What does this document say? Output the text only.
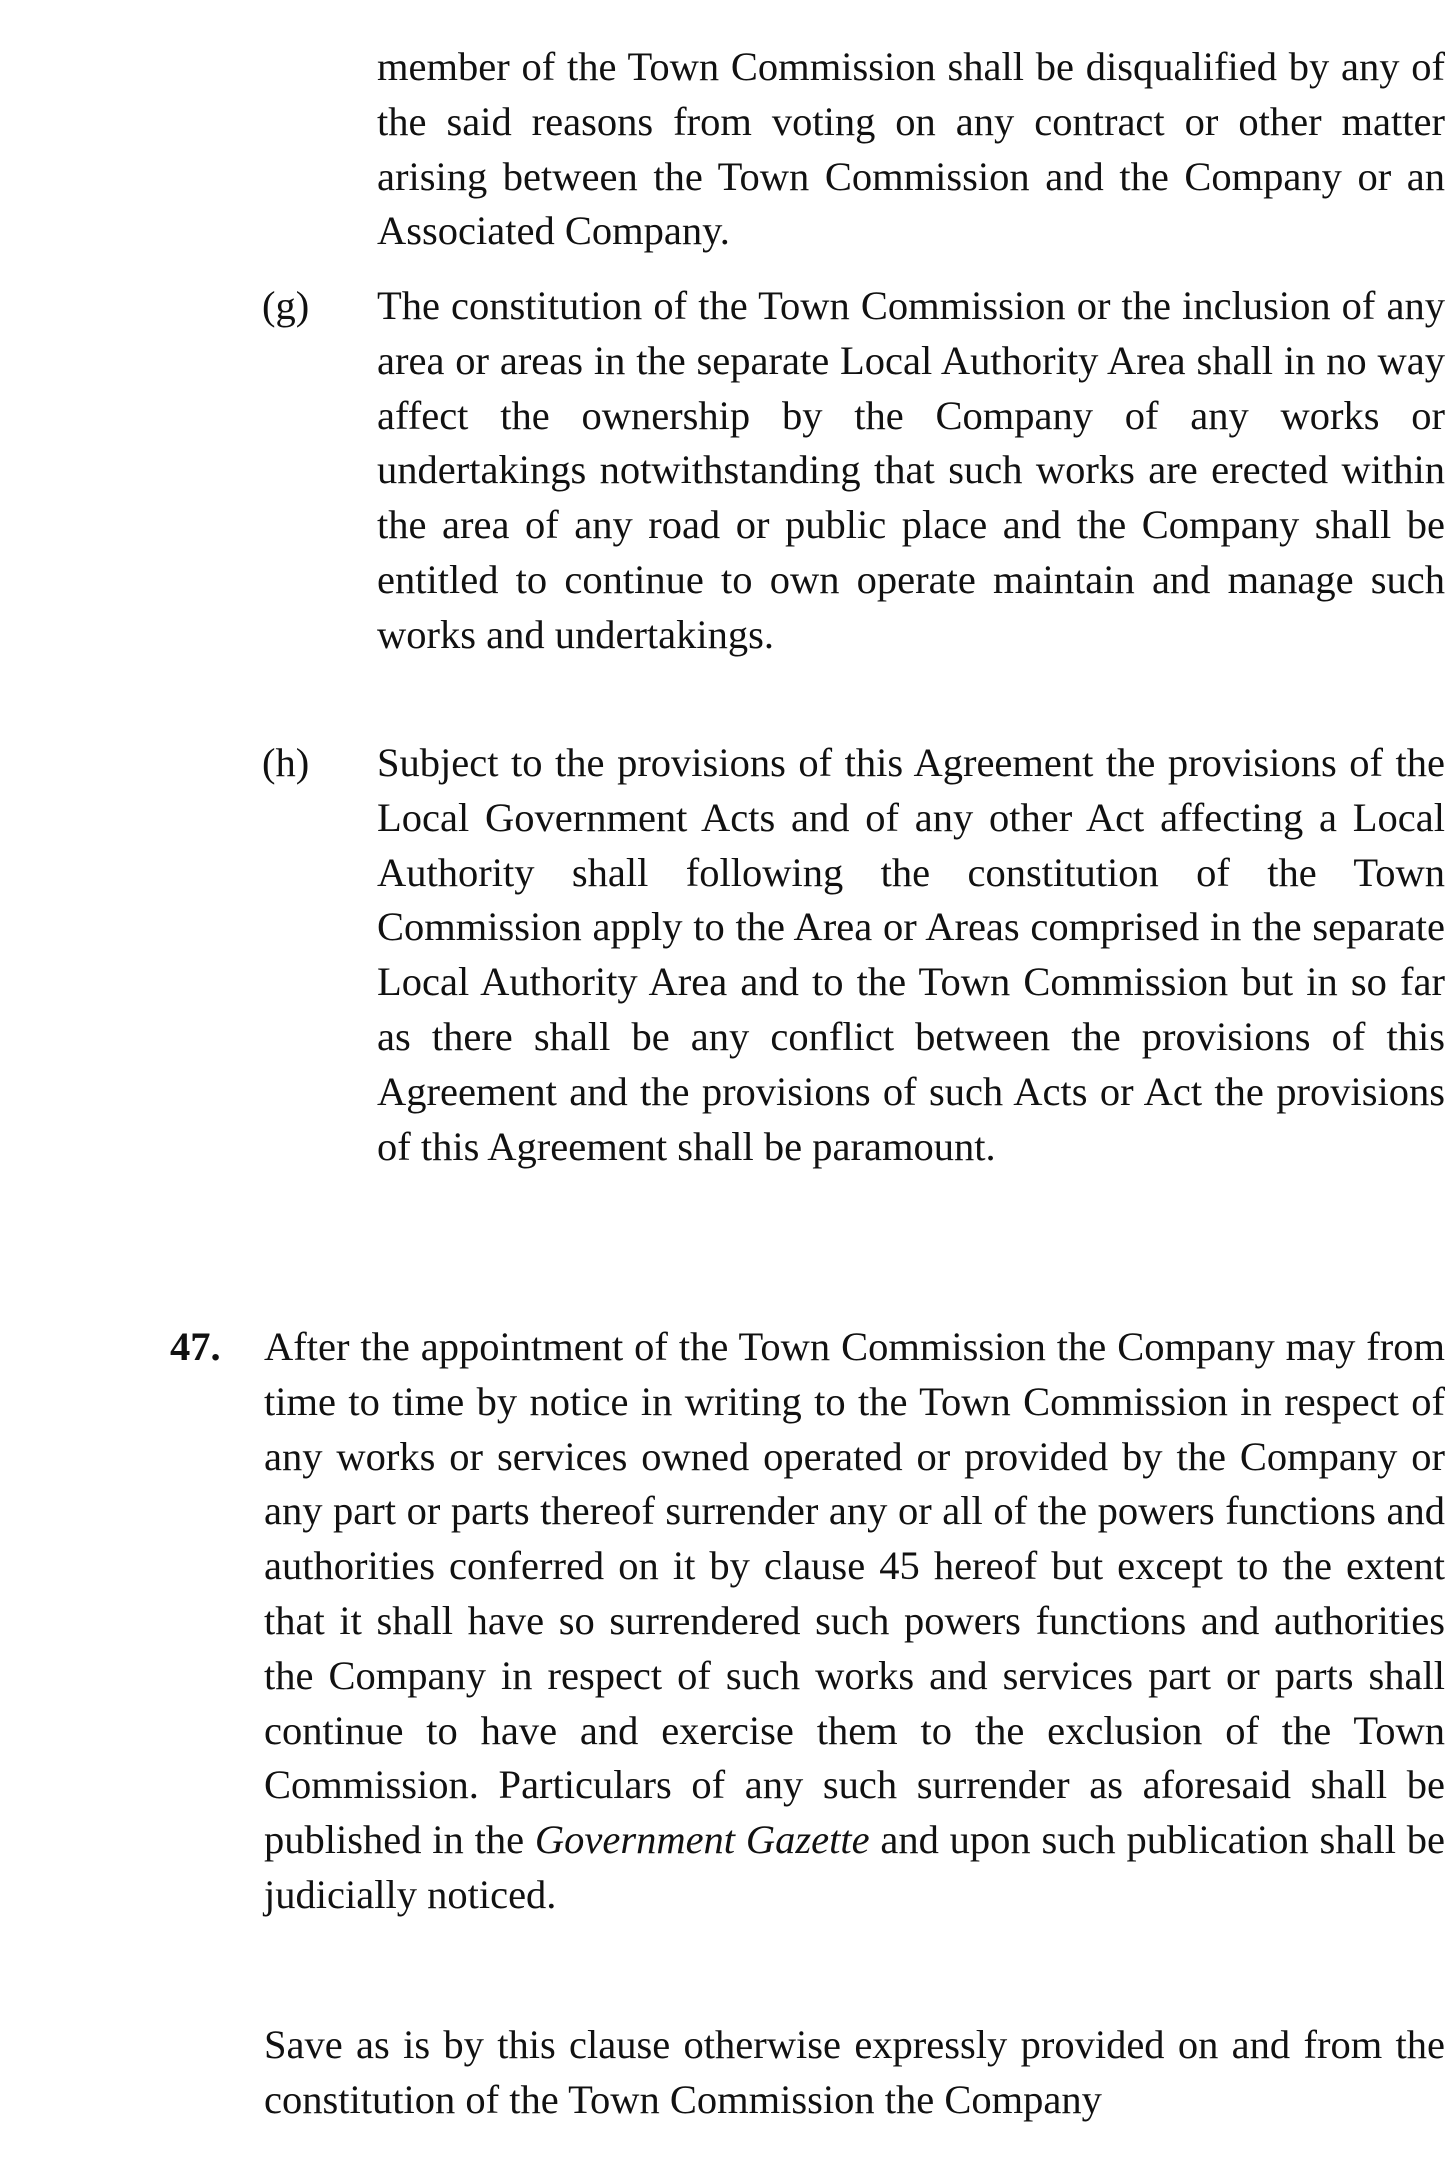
member of the Town Commission shall be disqualified by any of the said reasons from voting on any contract or other matter arising between the Town Commission and the Company or an Associated Company.
(g) The constitution of the Town Commission or the inclusion of any area or areas in the separate Local Authority Area shall in no way affect the ownership by the Company of any works or undertakings notwithstanding that such works are erected within the area of any road or public place and the Company shall be entitled to continue to own operate maintain and manage such works and undertakings.
(h) Subject to the provisions of this Agreement the provisions of the Local Government Acts and of any other Act affecting a Local Authority shall following the constitution of the Town Commission apply to the Area or Areas comprised in the separate Local Authority Area and to the Town Commission but in so far as there shall be any conflict between the provisions of this Agreement and the provisions of such Acts or Act the provisions of this Agreement shall be paramount.
47. After the appointment of the Town Commission the Company may from time to time by notice in writing to the Town Commission in respect of any works or services owned operated or provided by the Company or any part or parts thereof surrender any or all of the powers functions and authorities conferred on it by clause 45 hereof but except to the extent that it shall have so surrendered such powers functions and authorities the Company in respect of such works and services part or parts shall continue to have and exercise them to the exclusion of the Town Commission. Particulars of any such surrender as aforesaid shall be published in the Government Gazette and upon such publication shall be judicially noticed.
Save as is by this clause otherwise expressly provided on and from the constitution of the Town Commission the Company
